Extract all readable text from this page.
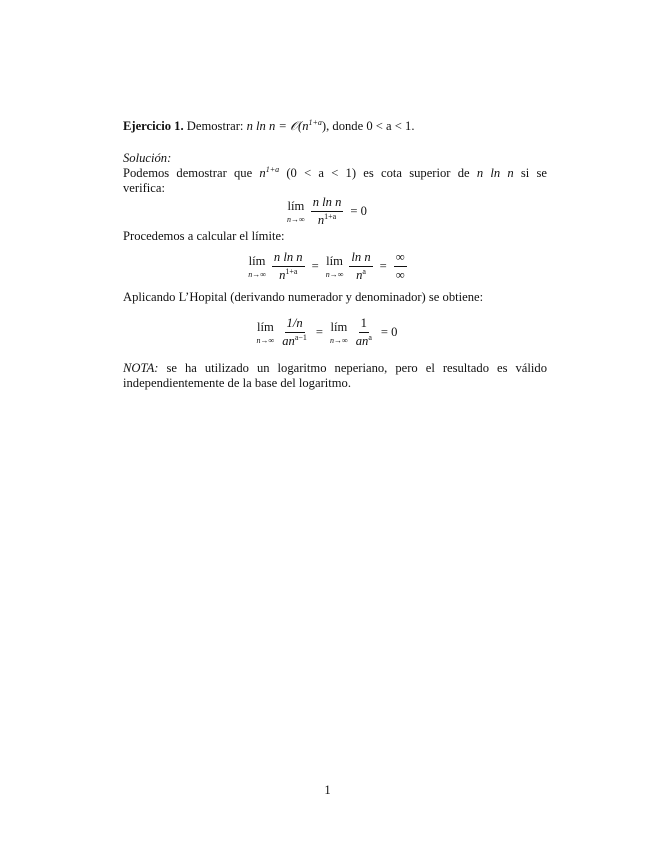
Ejercicio 1. Demostrar: n $\ln n = 𝒪(n^{1+a})$, donde 0 < a < 1.
Solución:
Podemos demostrar que $n^{1+a}$ (0 < a < 1) es cota superior de n ln n si se
verifica:
lím
$n\to\infty \frac{\text{n ln n}}{n^{1+a}} = 0$
Procedemos a calcular el límite:
lím
$n\to\infty \frac{\text{n ln n}}{n^{1+a}}$ = lím
$n\to\infty \frac{\text{ln n}}{n^a} = \frac{\infty}{\infty}$
Aplicando L’Hopital (derivando numerador y denominador) se obtiene:
lím
$n\to\infty \frac{1/n}{an^{a-1}}$ = lím
$n\to\infty \frac{1}{an^a} = 0$
NOTA: se ha utilizado un logaritmo neperiano, pero el resultado es válido
independientemente de la base del logaritmo.
1
